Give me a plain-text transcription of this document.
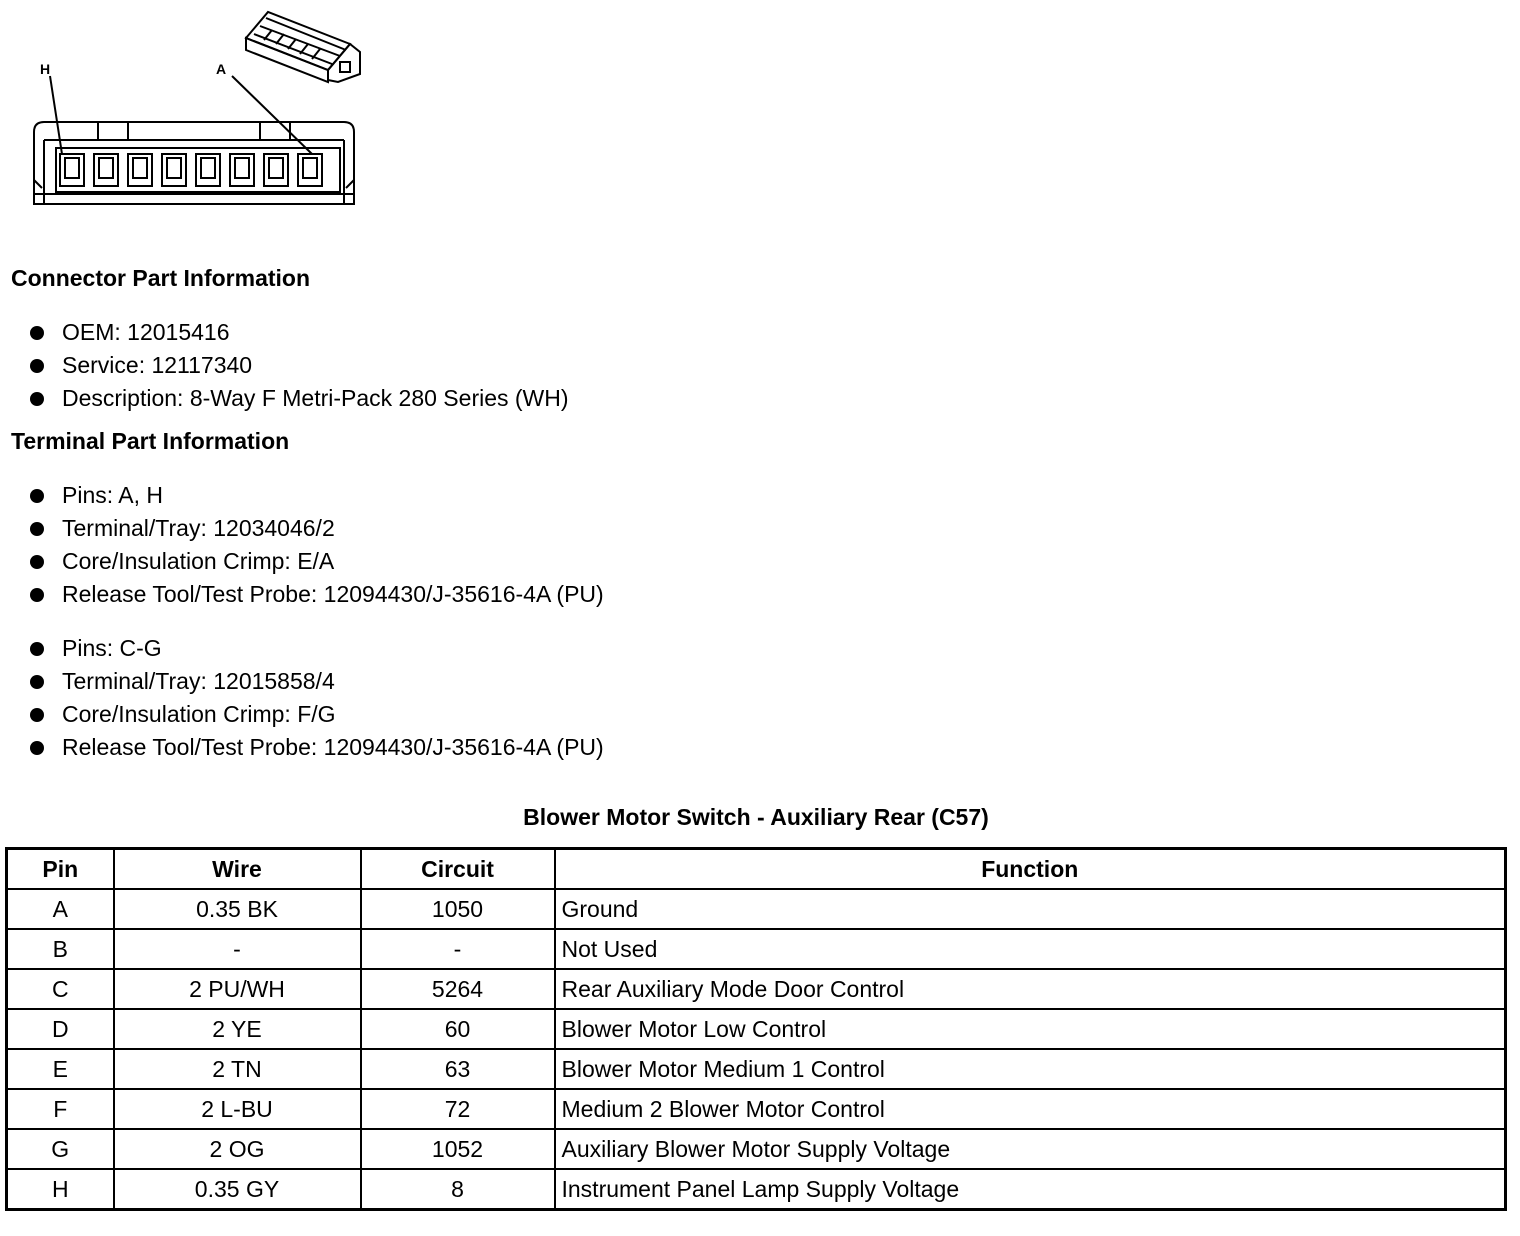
H	A
Connector Part Information
OEM: 12015416
Service: 12117340
Description: 8-Way F Metri-Pack 280 Series (WH)
Terminal Part Information
Pins: A, H
Terminal/Tray: 12034046/2
Core/Insulation Crimp: E/A
Release Tool/Test Probe: 12094430/J-35616-4A (PU)
Pins: C-G
Terminal/Tray: 12015858/4
Core/Insulation Crimp: F/G
Release Tool/Test Probe: 12094430/J-35616-4A (PU)
Blower Motor Switch - Auxiliary Rear (C57)
Pin	Wire	Circuit	Function
A	0.35 BK	1050	Ground
B	-	-	Not Used
C	2 PU/WH	5264	Rear Auxiliary Mode Door Control
D	2 YE	60	Blower Motor Low Control
E	2 TN	63	Blower Motor Medium 1 Control
F	2 L-BU	72	Medium 2 Blower Motor Control
G	2 OG	1052	Auxiliary Blower Motor Supply Voltage
H	0.35 GY	8	Instrument Panel Lamp Supply Voltage
